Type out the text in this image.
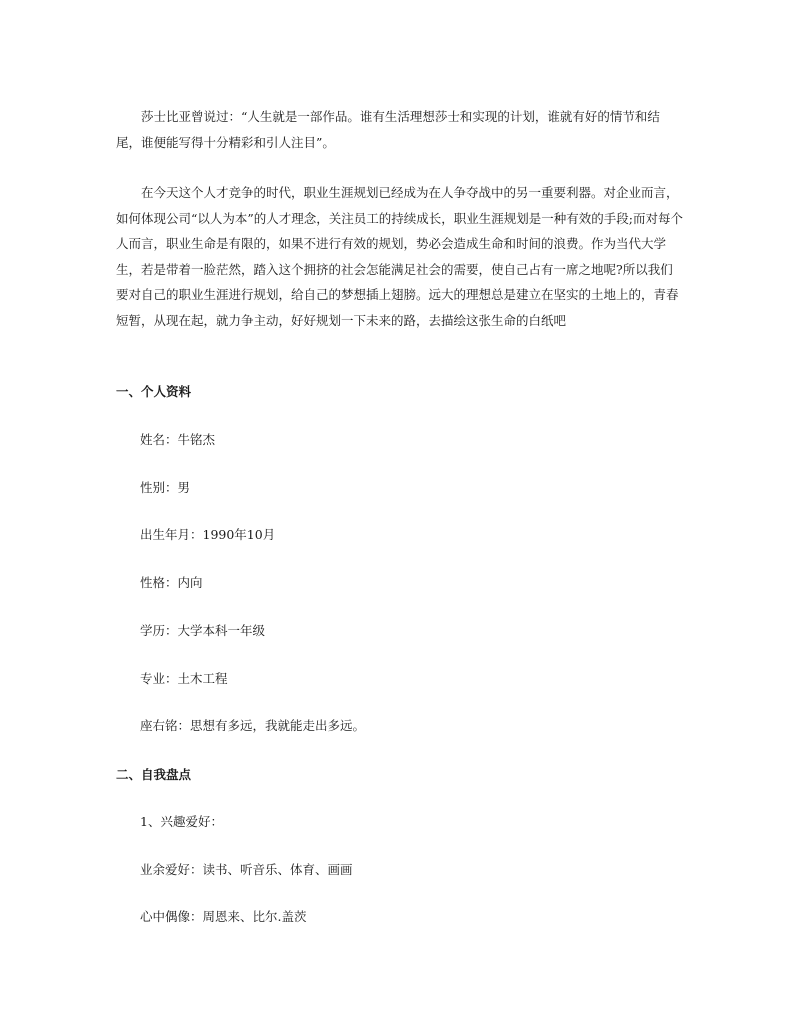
莎士比亚曾说过：“人生就是一部作品。谁有生活理想莎士和实现的计划，谁就有好的情节和结尾，谁便能写得十分精彩和引人注目”。

在今天这个人才竞争的时代，职业生涯规划已经成为在人争夺战中的另一重要利器。对企业而言，如何体现公司“以人为本”的人才理念，关注员工的持续成长，职业生涯规划是一种有效的手段;而对每个人而言，职业生命是有限的，如果不进行有效的规划，势必会造成生命和时间的浪费。作为当代大学生，若是带着一脸茫然，踏入这个拥挤的社会怎能满足社会的需要，使自己占有一席之地呢?所以我们要对自己的职业生涯进行规划，给自己的梦想插上翅膀。远大的理想总是建立在坚实的土地上的，青春短暂，从现在起，就力争主动，好好规划一下未来的路，去描绘这张生命的白纸吧

一、个人资料

姓名：牛铭杰

性别：男

出生年月：1990年10月

性格：内向

学历：大学本科一年级

专业：土木工程

座右铭：思想有多远，我就能走出多远。

二、自我盘点

1、兴趣爱好：

业余爱好：读书、听音乐、体育、画画

心中偶像：周恩来、比尔.盖茨
